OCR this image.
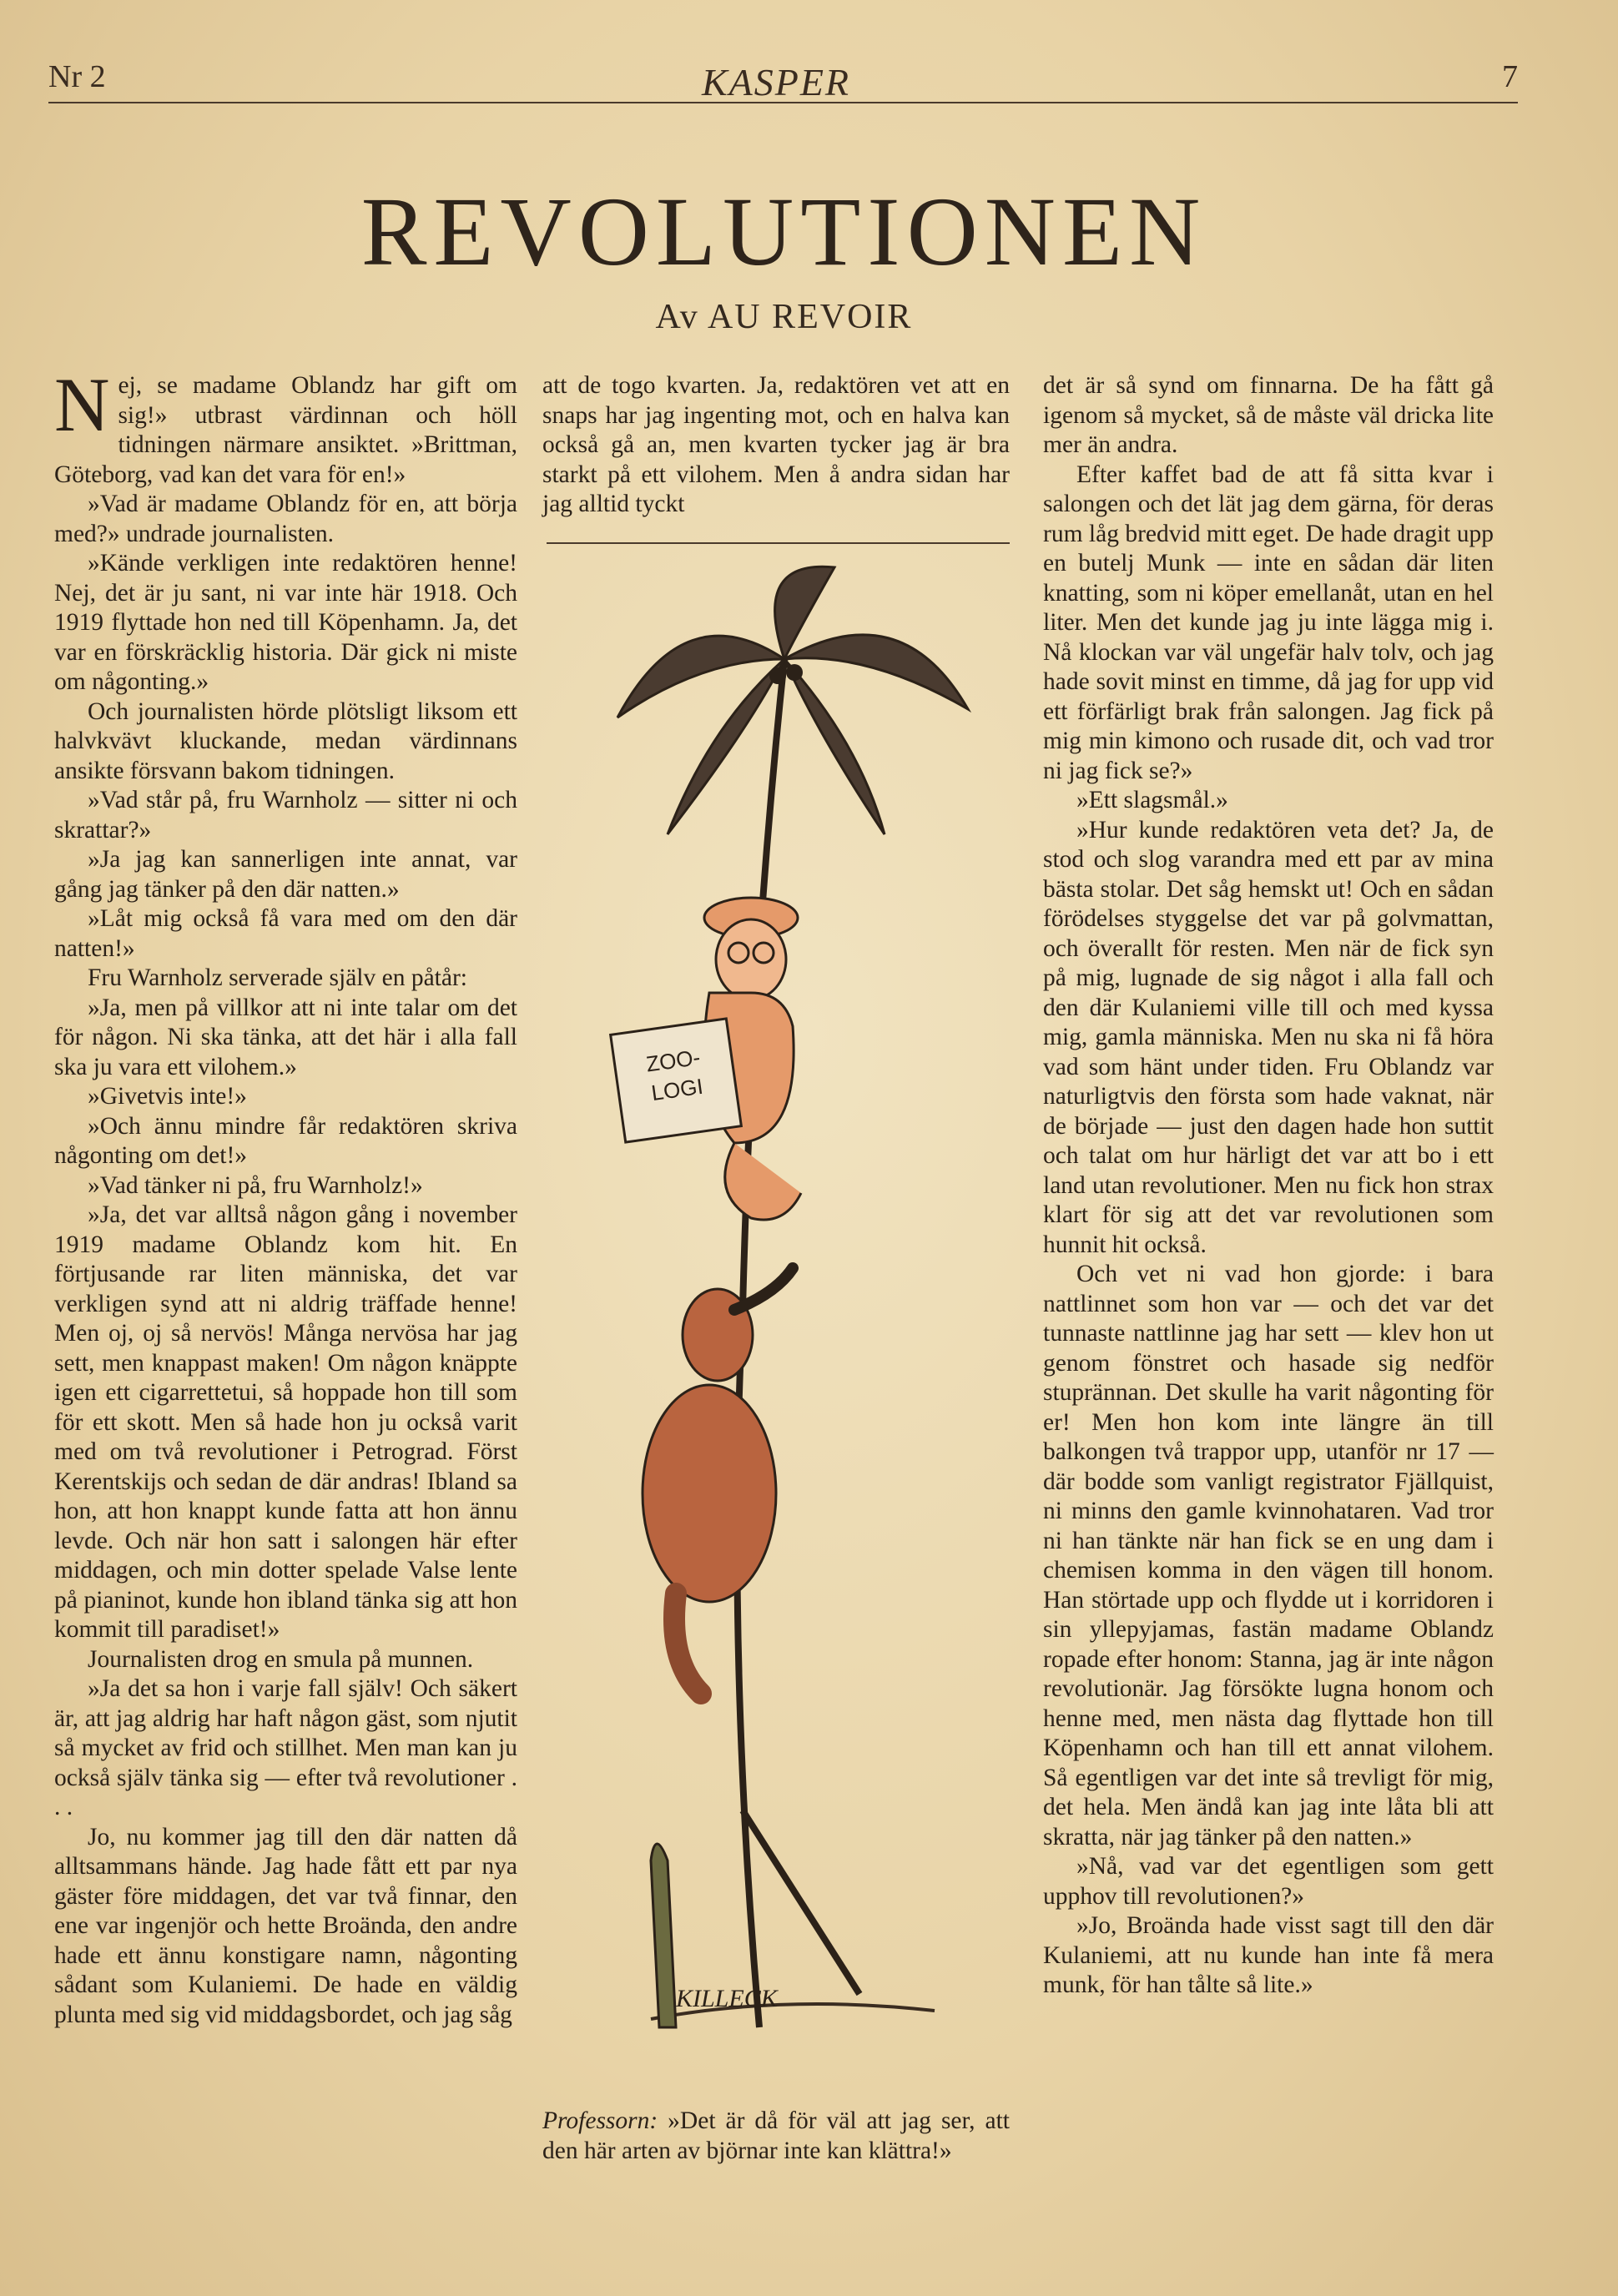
Nr 2	KASPER	7
REVOLUTIONEN
Av AU REVOIR

Nej, se madame Oblandz har gift om sig!» utbrast värdinnan och höll tidningen närmare ansiktet. »Brittman, Göteborg, vad kan det vara för en!»

»Vad är madame Oblandz för en, att börja med?» undrade journalisten.

»Kände verkligen inte redaktören henne! Nej, det är ju sant, ni var inte här 1918. Och 1919 flyttade hon ned till Köpenhamn. Ja, det var en förskräcklig historia. Där gick ni miste om någonting.»

Och journalisten hörde plötsligt liksom ett halvkvävt kluckande, medan värdinnans ansikte försvann bakom tidningen.

»Vad står på, fru Warnholz — sitter ni och skrattar?»

»Ja jag kan sannerligen inte annat, var gång jag tänker på den där natten.»

»Låt mig också få vara med om den där natten!»

Fru Warnholz serverade själv en påtår:

»Ja, men på villkor att ni inte talar om det för någon. Ni ska tänka, att det här i alla fall ska ju vara ett vilohem.»

»Givetvis inte!»

»Och ännu mindre får redaktören skriva någonting om det!»

»Vad tänker ni på, fru Warnholz!»

»Ja, det var alltså någon gång i november 1919 madame Oblandz kom hit. En förtjusande rar liten människa, det var verkligen synd att ni aldrig träffade henne! Men oj, oj så nervös! Många nervösa har jag sett, men knappast maken! Om någon knäppte igen ett cigarrettetui, så hoppade hon till som för ett skott. Men så hade hon ju också varit med om två revolutioner i Petrograd. Först Kerentskijs och sedan de där andras! Ibland sa hon, att hon knappt kunde fatta att hon ännu levde. Och när hon satt i salongen här efter middagen, och min dotter spelade Valse lente på pianinot, kunde hon ibland tänka sig att hon kommit till paradiset!»

Journalisten drog en smula på munnen.

»Ja det sa hon i varje fall själv! Och säkert är, att jag aldrig har haft någon gäst, som njutit så mycket av frid och stillhet. Men man kan ju också själv tänka sig — efter två revolutioner . . .

Jo, nu kommer jag till den där natten då alltsammans hände. Jag hade fått ett par nya gäster före middagen, det var två finnar, den ene var ingenjör och hette Broända, den andre hade ett ännu konstigare namn, någonting sådant som Kulaniemi. De hade en väldig plunta med sig vid middagsbordet, och jag såg

att de togo kvarten. Ja, redaktören vet att en snaps har jag ingenting mot, och en halva kan också gå an, men kvarten tycker jag är bra starkt på ett vilohem. Men å andra sidan har jag alltid tyckt

ZOO-
LOGI
KILLECK
Professorn: »Det är då för väl att jag ser, att den här arten av björnar inte kan klättra!»

det är så synd om finnarna. De ha fått gå igenom så mycket, så de måste väl dricka lite mer än andra.

Efter kaffet bad de att få sitta kvar i salongen och det lät jag dem gärna, för deras rum låg bredvid mitt eget. De hade dragit upp en butelj Munk — inte en sådan där liten knatting, som ni köper emellanåt, utan en hel liter. Men det kunde jag ju inte lägga mig i. Nå klockan var väl ungefär halv tolv, och jag hade sovit minst en timme, då jag for upp vid ett förfärligt brak från salongen. Jag fick på mig min kimono och rusade dit, och vad tror ni jag fick se?»

»Ett slagsmål.»

»Hur kunde redaktören veta det? Ja, de stod och slog varandra med ett par av mina bästa stolar. Det såg hemskt ut! Och en sådan förödelses styggelse det var på golvmattan, och överallt för resten. Men när de fick syn på mig, lugnade de sig något i alla fall och den där Kulaniemi ville till och med kyssa mig, gamla människa. Men nu ska ni få höra vad som hänt under tiden. Fru Oblandz var naturligtvis den första som hade vaknat, när de började — just den dagen hade hon suttit och talat om hur härligt det var att bo i ett land utan revolutioner. Men nu fick hon strax klart för sig att det var revolutionen som hunnit hit också.

Och vet ni vad hon gjorde: i bara nattlinnet som hon var — och det var det tunnaste nattlinne jag har sett — klev hon ut genom fönstret och hasade sig nedför stuprännan. Det skulle ha varit någonting för er! Men hon kom inte längre än till balkongen två trappor upp, utanför nr 17 — där bodde som vanligt registrator Fjällquist, ni minns den gamle kvinnohataren. Vad tror ni han tänkte när han fick se en ung dam i chemisen komma in den vägen till honom. Han störtade upp och flydde ut i korridoren i sin yllepyjamas, fastän madame Oblandz ropade efter honom: Stanna, jag är inte någon revolutionär. Jag försökte lugna honom och henne med, men nästa dag flyttade hon till Köpenhamn och han till ett annat vilohem. Så egentligen var det inte så trevligt för mig, det hela. Men ändå kan jag inte låta bli att skratta, när jag tänker på den natten.»

»Nå, vad var det egentligen som gett upphov till revolutionen?»

»Jo, Broända hade visst sagt till den där Kulaniemi, att nu kunde han inte få mera munk, för han tålte så lite.»
